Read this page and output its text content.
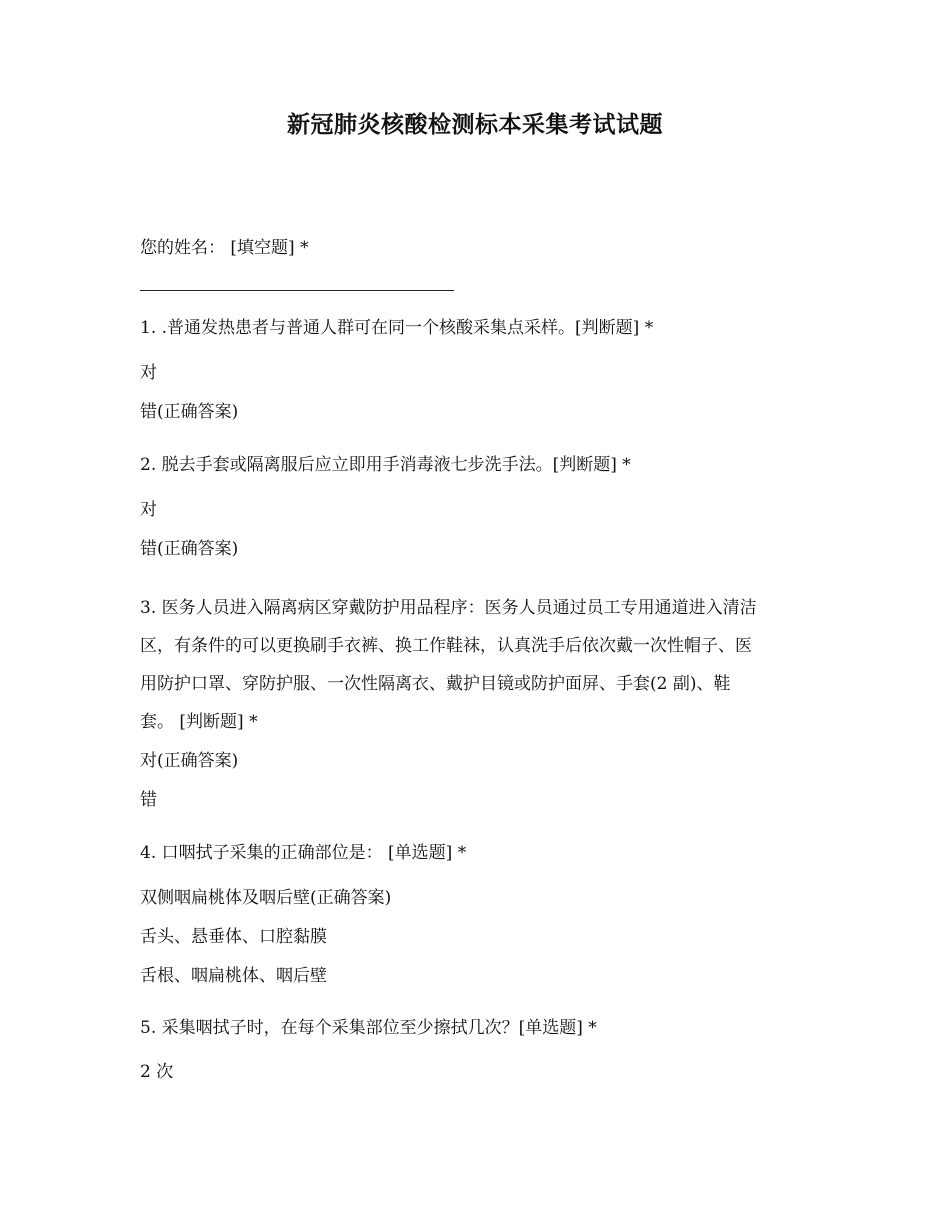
新冠肺炎核酸检测标本采集考试试题
您的姓名： [填空题] *
1. .普通发热患者与普通人群可在同一个核酸采集点采样。[判断题] *
对
错(正确答案)
2. 脱去手套或隔离服后应立即用手消毒液七步洗手法。[判断题] *
对
错(正确答案)
3. 医务人员进入隔离病区穿戴防护用品程序：医务人员通过员工专用通道进入清洁
区，有条件的可以更换刷手衣裤、换工作鞋袜，认真洗手后依次戴一次性帽子、医
用防护口罩、穿防护服、一次性隔离衣、戴护目镜或防护面屏、手套(2 副)、鞋
套。 [判断题] *
对(正确答案)
错
4. 口咽拭子采集的正确部位是： [单选题] *
双侧咽扁桃体及咽后壁(正确答案)
舌头、悬垂体、口腔黏膜
舌根、咽扁桃体、咽后壁
5. 采集咽拭子时，在每个采集部位至少擦拭几次？[单选题] *
2 次
